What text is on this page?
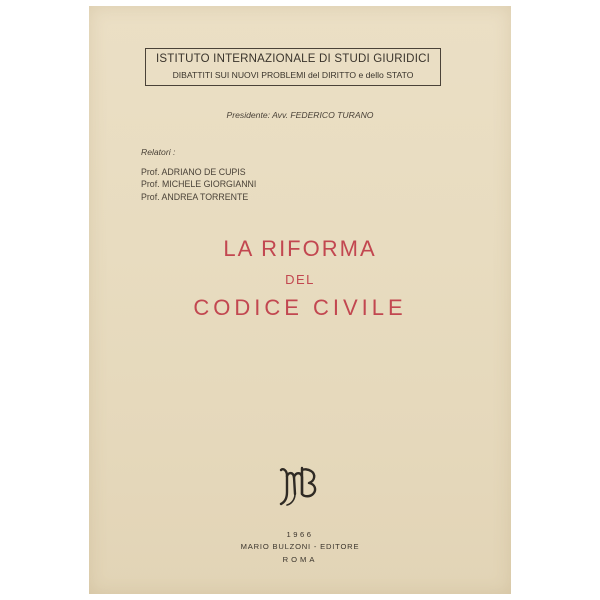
ISTITUTO INTERNAZIONALE DI STUDI GIURIDICI
DIBATTITI SUI NUOVI PROBLEMI del DIRITTO e dello STATO
Presidente: Avv. FEDERICO TURANO
Relatori :
Prof. ADRIANO DE CUPIS
Prof. MICHELE GIORGIANNI
Prof. ANDREA TORRENTE
LA RIFORMA
DEL
CODICE CIVILE
1966
MARIO BULZONI - EDITORE
ROMA
